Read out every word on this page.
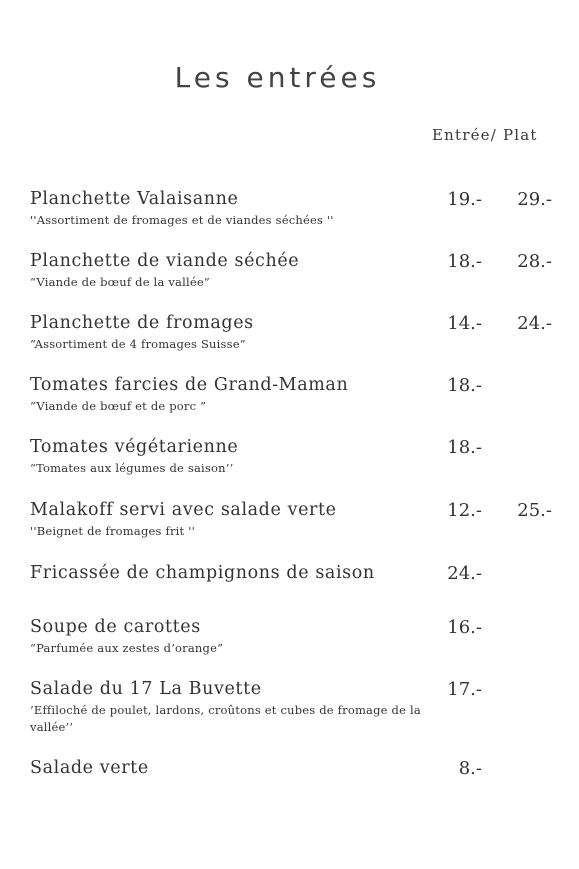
Les entrées
Entrée/ Plat
Planchette Valaisanne
''Assortiment de fromages et de viandes séchées ''
19.- 29.-
Planchette de viande séchée
“Viande de bœuf de la vallée”
18.- 28.-
Planchette de fromages
“Assortiment de 4 fromages Suisse”
14.- 24.-
Tomates farcies de Grand-Maman
“Viande de bœuf et de porc ”
18.-
Tomates végétarienne
“Tomates aux légumes de saison’’
18.-
Malakoff servi avec salade verte
''Beignet de fromages frit ''
12.- 25.-
Fricassée de champignons de saison	24.-
Soupe de carottes
“Parfumée aux zestes d’orange”
16.-
Salade du 17 La Buvette
’Effiloché de poulet, lardons, croûtons et cubes de fromage de la vallée’’
17.-
Salade verte	8.-
